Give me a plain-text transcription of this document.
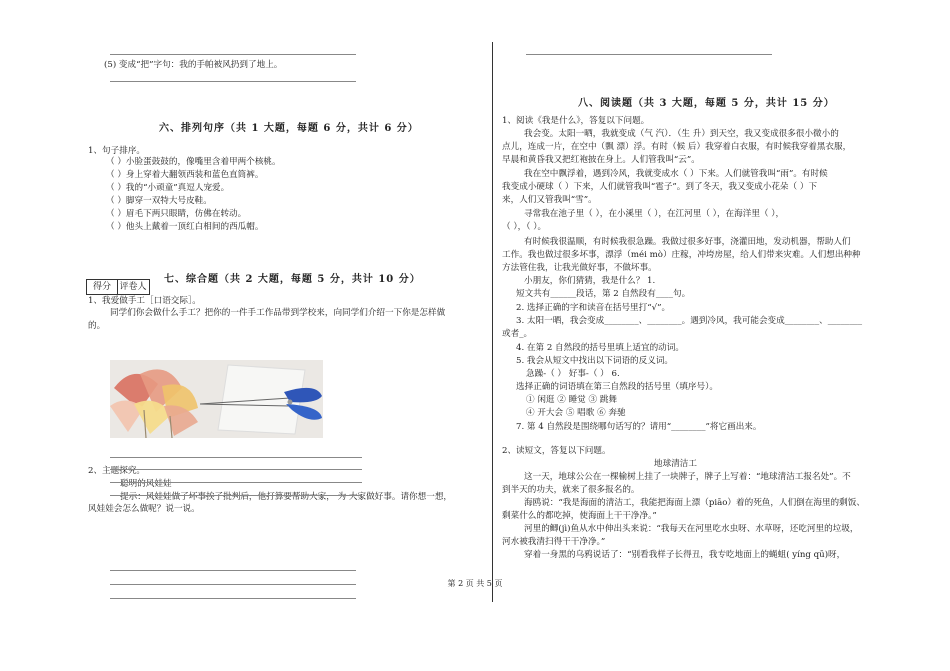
(5) 变成“把”字句：我的手帕被风扔到了地上。
六、排列句序（共 1 大题，每题 6 分，共计 6 分）
1、句子排序。
（ ）小脸蛋鼓鼓的，像嘴里含着甲两个核桃。
（ ）身上穿着大翻领西装和蓝色直筒裤。
（ ）我的“小顽童”真逗人宠爱。
（ ）脚穿一双特大号皮鞋。
（ ）眉毛下两只眼睛，仿佛在转动。
（ ）他头上戴着一顶红白相间的西瓜帽。
得分 评卷人
七、综合题（共 2 大题，每题 5 分，共计 10 分）
1、我爱做手工［口语交际］。
同学们你会做什么手工？把你的一件手工作品带到学校来，向同学们介绍一下你是怎样做
的。
2、主题探究。
聪明的风娃娃
提示：风娃娃做了坏事挨了批判后，他打算要帮助大家， 为 大家做好事。请你想一想，
风娃娃会怎么做呢？说一说。
八、阅读题（共 3 大题，每题 5 分，共计 15 分）
1、阅读《我是什么》，答复以下问题。
我会变。太阳一晒，我就变成（气 汽）．（生 升）到天空，我又变成很多很小微小的
点儿，连成一片，在空中（飘 漂）浮。有时（候 后）我穿着白衣服，有时候我穿着黑衣服，
早晨和黄昏我又把红袍披在身上。人们管我叫“云”。
我在空中飘浮着，遇到冷风，我就变成水（ ）下来。人们就管我叫“雨”。有时候
我变成小硬球（ ）下来，人们就管我叫“雹子”。到了冬天，我又变成小花朵（ ）下
来，人们又管我叫“雪”。
寻常我在池子里（ ），在小溪里（ ），在江河里（ ），在海洋里（ ），
（ ），（ ）。
有时候我很温顺，有时候我很急躁。我做过很多好事，浇灌田地，发动机器，帮助人们
工作。我也做过很多坏事，漂浮（méi mò）庄稼，冲垮房屋，给人们带来灾难。人们想出种种
方法管住我，让我光做好事，不做坏事。
小朋友，你们猜猜，我是什么？ 1.
短文共有______段话，第 2 自然段有____句。
2. 选择正确的字和读音在括号里打“√”。
3. 太阳一晒，我会变成________、________。遇到冷风，我可能会变成________、________
或者_。
4. 在第 2 自然段的括号里填上适宜的动词。
5. 我会从短文中找出以下词语的反义词。
急躁-（ ） 好事-（ ） 6.
选择正确的词语填在第三自然段的括号里（填序号）。
① 闲逛 ② 睡觉 ③ 跳舞
④ 开大会 ⑤ 唱歌 ⑥ 奔驰
7. 第 4 自然段是围绕哪句话写的？请用“________”将它画出来。
2、读短文，答复以下问题。
地球清洁工
这一天，地球公公在一棵榆树上挂了一块牌子，牌子上写着：“地球清洁工报名处”。不
到半天的功夫，就来了很多报名的。
海鸥说：“我是海面的清洁工，我能把海面上漂（piāo）着的死鱼，人们倒在海里的剩饭、
剩菜什么的都吃掉，使海面上干干净净。”
河里的鲫(jì)鱼从水中伸出头来说：“我每天在河里吃水虫呀、水草呀，还吃河里的垃圾，
河水被我清扫得干干净净。”
穿着一身黑的乌鸦说话了：“别看我样子长得丑，我专吃地面上的蝇蛆( yíng qū)呀，
第 2 页 共 5 页
